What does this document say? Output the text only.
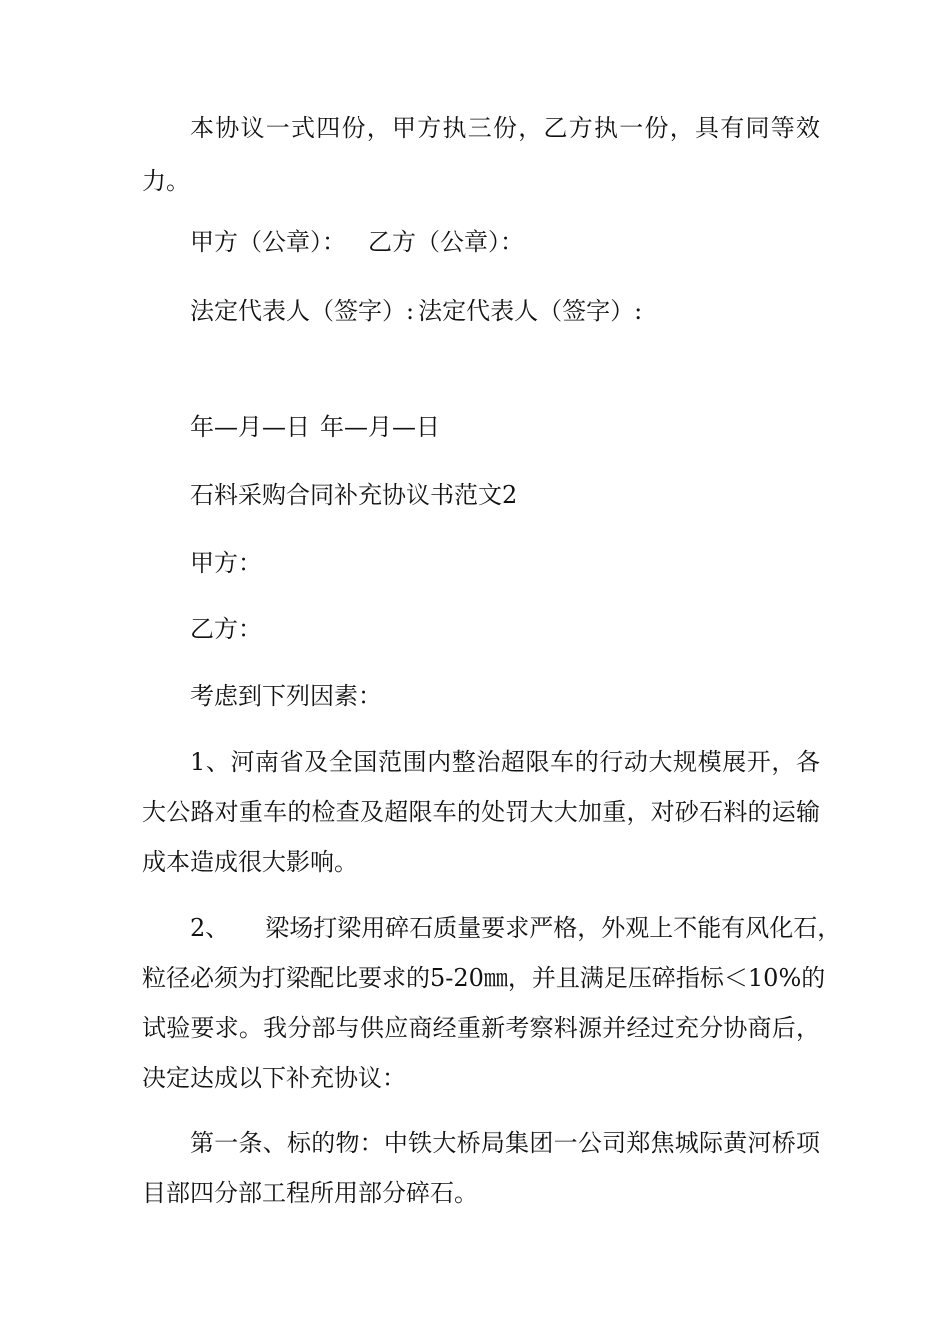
本协议一式四份，甲方执三份，乙方执一份，具有同等效
力。
甲方（公章）： 乙方（公章）：
法定代表人（签字）: 法定代表人（签字）:
年—月—日 年—月—日
石料采购合同补充协议书范文2
甲方：
乙方：
考虑到下列因素：
1、河南省及全国范围内整治超限车的行动大规模展开，各
大公路对重车的检查及超限车的处罚大大加重，对砂石料的运输
成本造成很大影响。
2、 梁场打梁用碎石质量要求严格，外观上不能有风化石，
粒径必须为打梁配比要求的5-20㎜，并且满足压碎指标＜10%的
试验要求。我分部与供应商经重新考察料源并经过充分协商后，
决定达成以下补充协议：
第一条、标的物：中铁大桥局集团一公司郑焦城际黄河桥项
目部四分部工程所用部分碎石。
